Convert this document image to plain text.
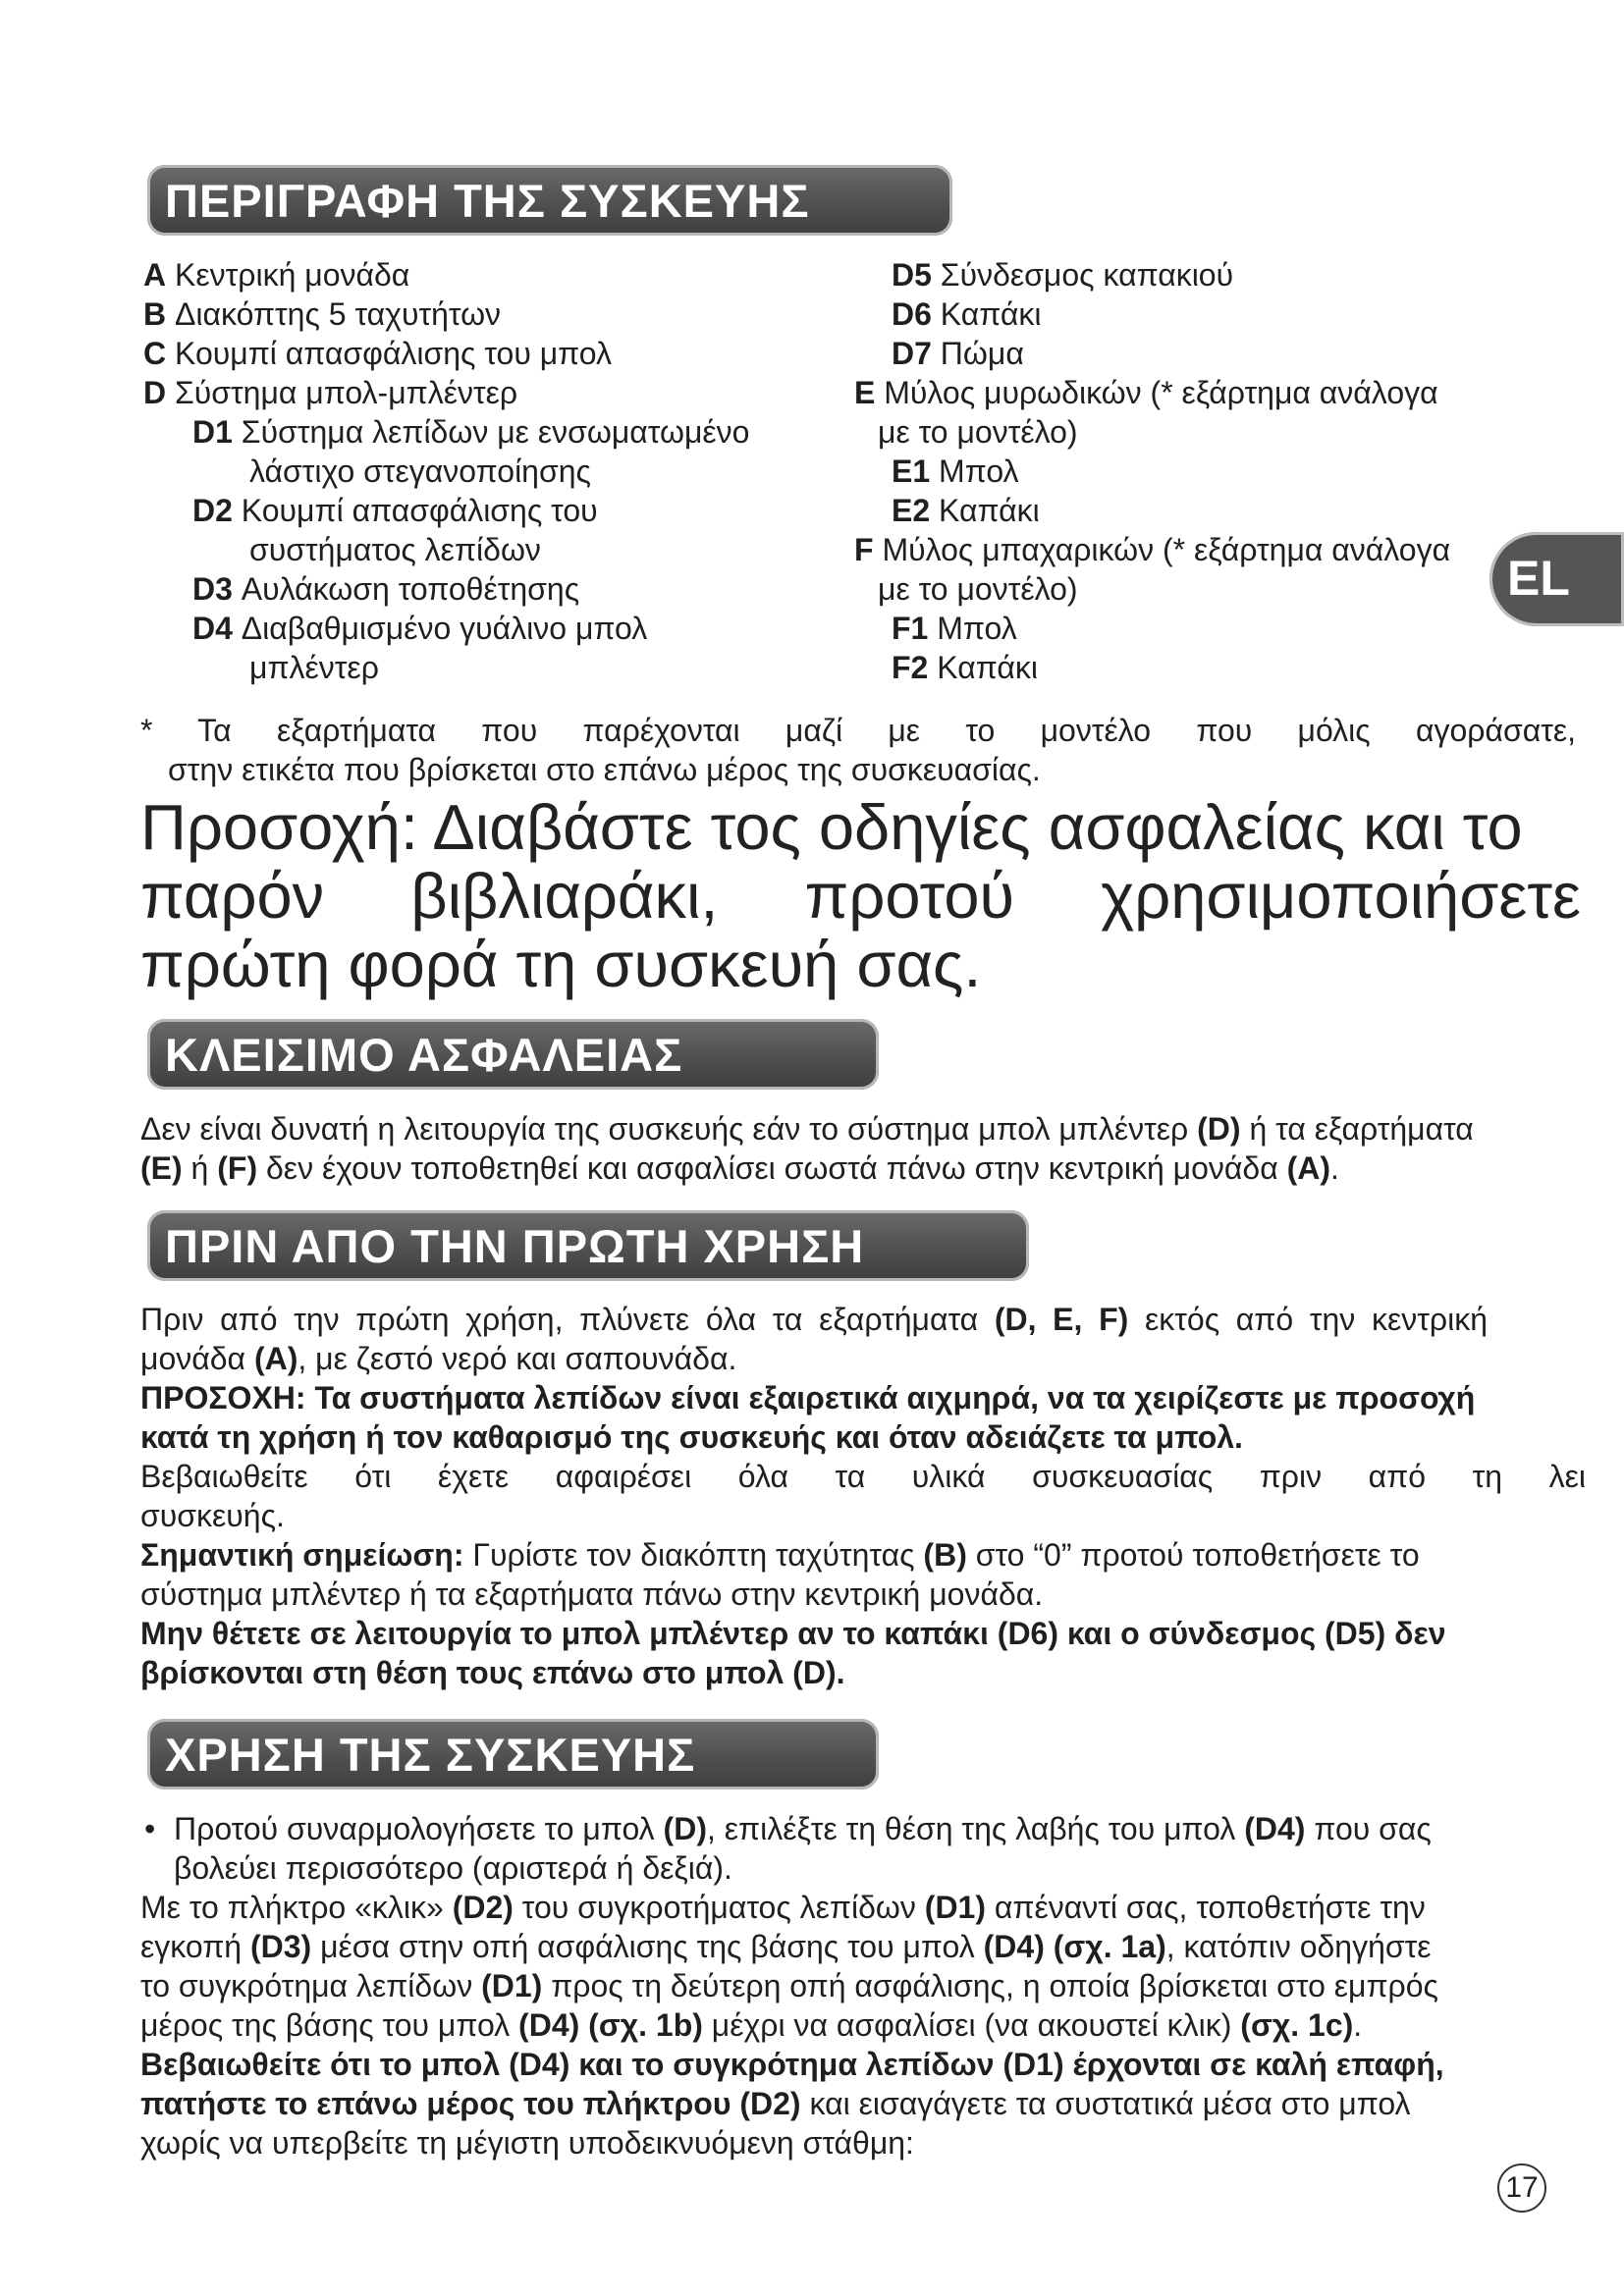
ΠΕΡΙΓΡΑΦΗ ΤΗΣ ΣΥΣΚΕΥΗΣ
A Κεντρική μονάδα
B Διακόπτης 5 ταχυτήτων
C Κουμπί απασφάλισης του μπολ
D Σύστημα μπολ-μπλέντερ
D1 Σύστημα λεπίδων με ενσωματωμένο
λάστιχο στεγανοποίησης
D2 Κουμπί απασφάλισης του
συστήματος λεπίδων
D3 Αυλάκωση τοποθέτησης
D4 Διαβαθμισμένο γυάλινο μπολ
μπλέντερ
D5 Σύνδεσμος καπακιού
D6 Καπάκι
D7 Πώμα
E Μύλος μυρωδικών (* εξάρτημα ανάλογα
με το μοντέλο)
E1 Μπολ
E2 Καπάκι
F Μύλος μπαχαρικών (* εξάρτημα ανάλογα
με το μοντέλο)
F1 Μπολ
F2 Καπάκι
EL
* Τα εξαρτήματα που παρέχονται μαζί με το μοντέλο που μόλις αγοράσατε,
στην ετικέτα που βρίσκεται στο επάνω μέρος της συσκευασίας.
Προσοχή: Διαβάστε τος οδηγίες ασφαλείας και το
παρόν βιβλιαράκι, προτού χρησιμοποιήσετε
πρώτη φορά τη συσκευή σας.
ΚΛΕΙΣΙΜΟ ΑΣΦΑΛΕΙΑΣ
Δεν είναι δυνατή η λειτουργία της συσκευής εάν το σύστημα μπολ μπλέντερ (D) ή τα εξαρτήματα
(E) ή (F) δεν έχουν τοποθετηθεί και ασφαλίσει σωστά πάνω στην κεντρική μονάδα (A).
ΠΡΙΝ ΑΠΟ ΤΗΝ ΠΡΩΤΗ ΧΡΗΣΗ
Πριν από την πρώτη χρήση, πλύνετε όλα τα εξαρτήματα (D, E, F) εκτός από την κεντρική
μονάδα (A), με ζεστό νερό και σαπουνάδα.
ΠΡΟΣΟΧΗ: Τα συστήματα λεπίδων είναι εξαιρετικά αιχμηρά, να τα χειρίζεστε με προσοχή
κατά τη χρήση ή τον καθαρισμό της συσκευής και όταν αδειάζετε τα μπολ.
Βεβαιωθείτε ότι έχετε αφαιρέσει όλα τα υλικά συσκευασίας πριν από τη λει
συσκευής.
Σημαντική σημείωση: Γυρίστε τον διακόπτη ταχύτητας (B) στο “0” προτού τοποθετήσετε το
σύστημα μπλέντερ ή τα εξαρτήματα πάνω στην κεντρική μονάδα.
Μην θέτετε σε λειτουργία το μπολ μπλέντερ αν το καπάκι (D6) και ο σύνδεσμος (D5) δεν
βρίσκονται στη θέση τους επάνω στο μπολ (D).
ΧΡΗΣΗ ΤΗΣ ΣΥΣΚΕΥΗΣ
• Προτού συναρμολογήσετε το μπολ (D), επιλέξτε τη θέση της λαβής του μπολ (D4) που σας
βολεύει περισσότερο (αριστερά ή δεξιά).
Με το πλήκτρο «κλικ» (D2) του συγκροτήματος λεπίδων (D1) απέναντί σας, τοποθετήστε την
εγκοπή (D3) μέσα στην οπή ασφάλισης της βάσης του μπολ (D4) (σχ. 1a), κατόπιν οδηγήστε
το συγκρότημα λεπίδων (D1) προς τη δεύτερη οπή ασφάλισης, η οποία βρίσκεται στο εμπρός
μέρος της βάσης του μπολ (D4) (σχ. 1b) μέχρι να ασφαλίσει (να ακουστεί κλικ) (σχ. 1c).
Βεβαιωθείτε ότι το μπολ (D4) και το συγκρότημα λεπίδων (D1) έρχονται σε καλή επαφή,
πατήστε το επάνω μέρος του πλήκτρου (D2) και εισαγάγετε τα συστατικά μέσα στο μπολ
χωρίς να υπερβείτε τη μέγιστη υποδεικνυόμενη στάθμη:
17
